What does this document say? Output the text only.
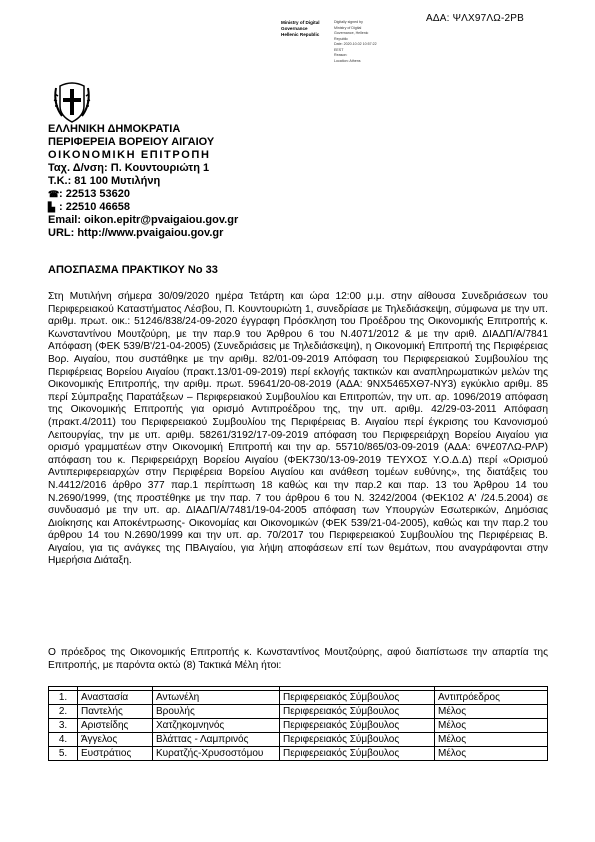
ΑΔΑ: ΨΛΧ97ΛΩ-2ΡΒ
Ministry of Digital
Governance
Hellenic Republic
Digitally signed by
Ministry of Digital
Governance, Hellenic
Republic
Date: 2020.10.02 10:57:22
EEST
Reason:
Location: Athens
ΕΛΛΗΝΙΚΗ ΔΗΜΟΚΡΑΤΙΑ
ΠΕΡΙΦΕΡΕΙΑ ΒΟΡΕΙΟΥ ΑΙΓΑΙΟΥ
ΟΙΚΟΝΟΜΙΚΗ ΕΠΙΤΡΟΠΗ
Ταχ. Δ/νση: Π. Κουντουριώτη 1
Τ.Κ.: 81 100 Μυτιλήνη
☎: 22513 53620
▙ : 22510 46658
Email: oikon.epitr@pvaigaiou.gov.gr
URL: http://www.pvaigaiou.gov.gr
ΑΠΟΣΠΑΣΜΑ ΠΡΑΚΤΙΚΟΥ Νο 33
Στη Μυτιλήνη σήμερα 30/09/2020 ημέρα Τετάρτη και ώρα 12:00 μ.μ. στην αίθουσα Συνεδριάσεων του Περιφερειακού Καταστήματος Λέσβου, Π. Κουντουριώτη 1, συνεδρίασε με Τηλεδιάσκεψη, σύμφωνα με την υπ. αριθμ. πρωτ. οικ.: 51246/838/24-09-2020 έγγραφη Πρόσκληση του Προέδρου της Οικονομικής Επιτροπής κ. Κωνσταντίνου Μουτζούρη, με την παρ.9 του Άρθρου 6 του Ν.4071/2012 & με την αριθ. ΔΙΑΔΠ/Α/7841 Απόφαση (ΦΕΚ 539/Β'/21-04-2005) (Συνεδριάσεις με Τηλεδιάσκεψη), η Οικονομική Επιτροπή της Περιφέρειας Βορ. Αιγαίου, που συστάθηκε με την αριθμ. 82/01-09-2019 Απόφαση του Περιφερειακού Συμβουλίου της Περιφέρειας Βορείου Αιγαίου (πρακτ.13/01-09-2019) περί εκλογής τακτικών και αναπληρωματικών μελών της Οικονομικής Επιτροπής, την αριθμ. πρωτ. 59641/20-08-2019 (ΑΔΑ: 9ΝΧ5465ΧΘ7-ΝΥ3) εγκύκλιο αριθμ. 85 περί Σύμπραξης Παρατάξεων – Περιφερειακού Συμβουλίου και Επιτροπών, την υπ. αρ. 1096/2019 απόφαση της Οικονομικής Επιτροπής για ορισμό Αντιπροέδρου της, την υπ. αριθμ. 42/29-03-2011 Απόφαση (πρακτ.4/2011) του Περιφερειακού Συμβουλίου της Περιφέρειας Β. Αιγαίου περί έγκρισης του Κανονισμού Λειτουργίας, την με υπ. αριθμ. 58261/3192/17-09-2019 απόφαση του Περιφερειάρχη Βορείου Αιγαίου για ορισμό γραμματέων στην Οικονομική Επιτροπή και την αρ. 55710/865/03-09-2019 (ΑΔΑ: 6Ψ£07ΛΩ-ΡΛΡ) απόφαση του κ. Περιφερειάρχη Βορείου Αιγαίου (ΦΕΚ730/13-09-2019 ΤΕΥΧΟΣ Υ.Ο.Δ.Δ) περί «Ορισμού Αντιπεριφερειαρχών στην Περιφέρεια Βορείου Αιγαίου και ανάθεση τομέων ευθύνης», της διατάξεις του Ν.4412/2016 άρθρο 377 παρ.1 περίπτωση 18 καθώς και την παρ.2 και παρ. 13 του Άρθρου 14 του Ν.2690/1999, (της προστέθηκε με την παρ. 7 του άρθρου 6 του Ν. 3242/2004 (ΦΕΚ102 Α' /24.5.2004) σε συνδυασμό με την υπ. αρ. ΔΙΑΔΠ/Α/7481/19-04-2005 απόφαση των Υπουργών Εσωτερικών, Δημόσιας Διοίκησης και Αποκέντρωσης- Οικονομίας και Οικονομικών (ΦΕΚ 539/21-04-2005), καθώς και την παρ.2 του άρθρου 14 του Ν.2690/1999 και την υπ. αρ. 70/2017 του Περιφερειακού Συμβουλίου της Περιφέρειας Β. Αιγαίου, για τις ανάγκες της ΠΒΑιγαίου, για λήψη αποφάσεων επί των θεμάτων, που αναγράφονται στην Ημερήσια Διάταξη.
Ο πρόεδρος της Οικονομικής Επιτροπής κ. Κωνσταντίνος Μουτζούρης, αφού διαπίστωσε την απαρτία της Επιτροπής, με παρόντα οκτώ (8) Τακτικά Μέλη ήτοι:

1.	Αναστασία	Αντωνέλη	Περιφερειακός Σύμβουλος	Αντιπρόεδρος
2.	Παντελής	Βρουλής	Περιφερειακός Σύμβουλος	Μέλος
3.	Αριστείδης	Χατζηκομνηνός	Περιφερειακός Σύμβουλος	Μέλος
4.	Άγγελος	Βλάττας - Λαμπρινός	Περιφερειακός Σύμβουλος	Μέλος
5.	Ευστράτιος	Κυρατζής-Χρυσοστόμου	Περιφερειακός Σύμβουλος	Μέλος
